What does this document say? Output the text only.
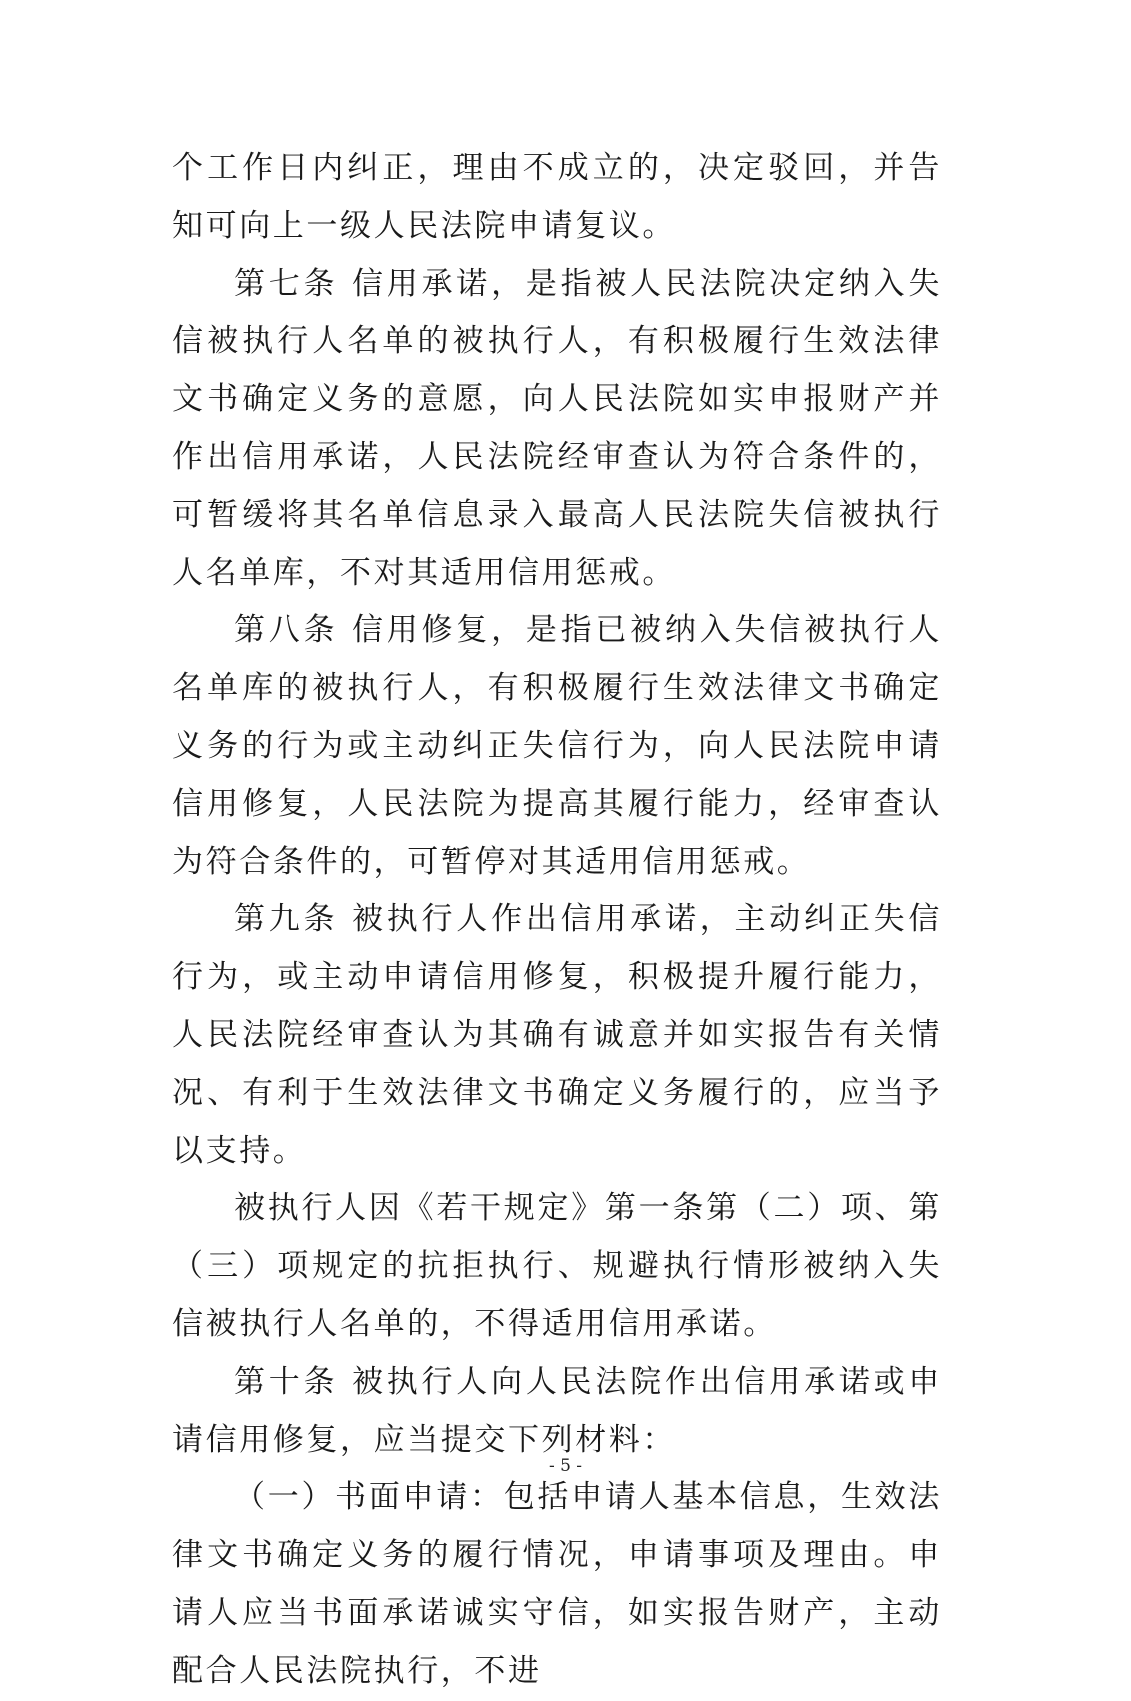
个工作日内纠正，理由不成立的，决定驳回，并告知可向上一级人民法院申请复议。

第七条 信用承诺，是指被人民法院决定纳入失信被执行人名单的被执行人，有积极履行生效法律文书确定义务的意愿，向人民法院如实申报财产并作出信用承诺，人民法院经审查认为符合条件的，可暂缓将其名单信息录入最高人民法院失信被执行人名单库，不对其适用信用惩戒。

第八条 信用修复，是指已被纳入失信被执行人名单库的被执行人，有积极履行生效法律文书确定义务的行为或主动纠正失信行为，向人民法院申请信用修复，人民法院为提高其履行能力，经审查认为符合条件的，可暂停对其适用信用惩戒。

第九条 被执行人作出信用承诺，主动纠正失信行为，或主动申请信用修复，积极提升履行能力，人民法院经审查认为其确有诚意并如实报告有关情况、有利于生效法律文书确定义务履行的，应当予以支持。

被执行人因《若干规定》第一条第（二）项、第（三）项规定的抗拒执行、规避执行情形被纳入失信被执行人名单的，不得适用信用承诺。

第十条 被执行人向人民法院作出信用承诺或申请信用修复，应当提交下列材料：

（一）书面申请：包括申请人基本信息，生效法律文书确定义务的履行情况，申请事项及理由。申请人应当书面承诺诚实守信，如实报告财产，主动配合人民法院执行，不进

- 5 -
